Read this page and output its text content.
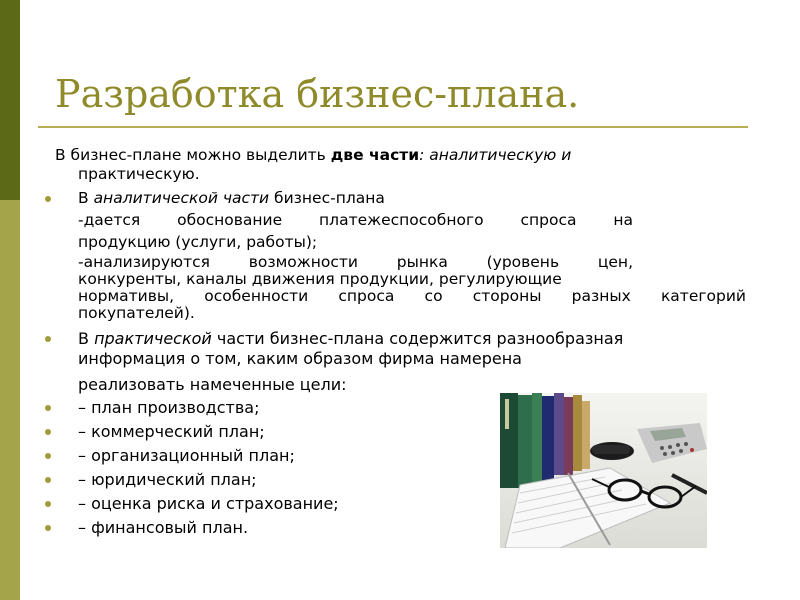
Разработка бизнес-плана.
В бизнес-плане можно выделить две части: аналитическую и
практическую.
В аналитической части бизнес-плана
-дается обоснование платежеспособного спроса на
продукцию (услуги, работы);
-анализируются	возможности	рынка	(уровень	цен,
конкуренты, каналы движения продукции, регулирующие
нормативы, особенности спроса со стороны разных категорий
покупателей).
В практической части бизнес-плана содержится разнообразная
информация о том, каким образом фирма намерена
реализовать намеченные цели:
– план производства;
– коммерческий план;
– организационный план;
– юридический план;
– оценка риска и страхование;
– финансовый план.
